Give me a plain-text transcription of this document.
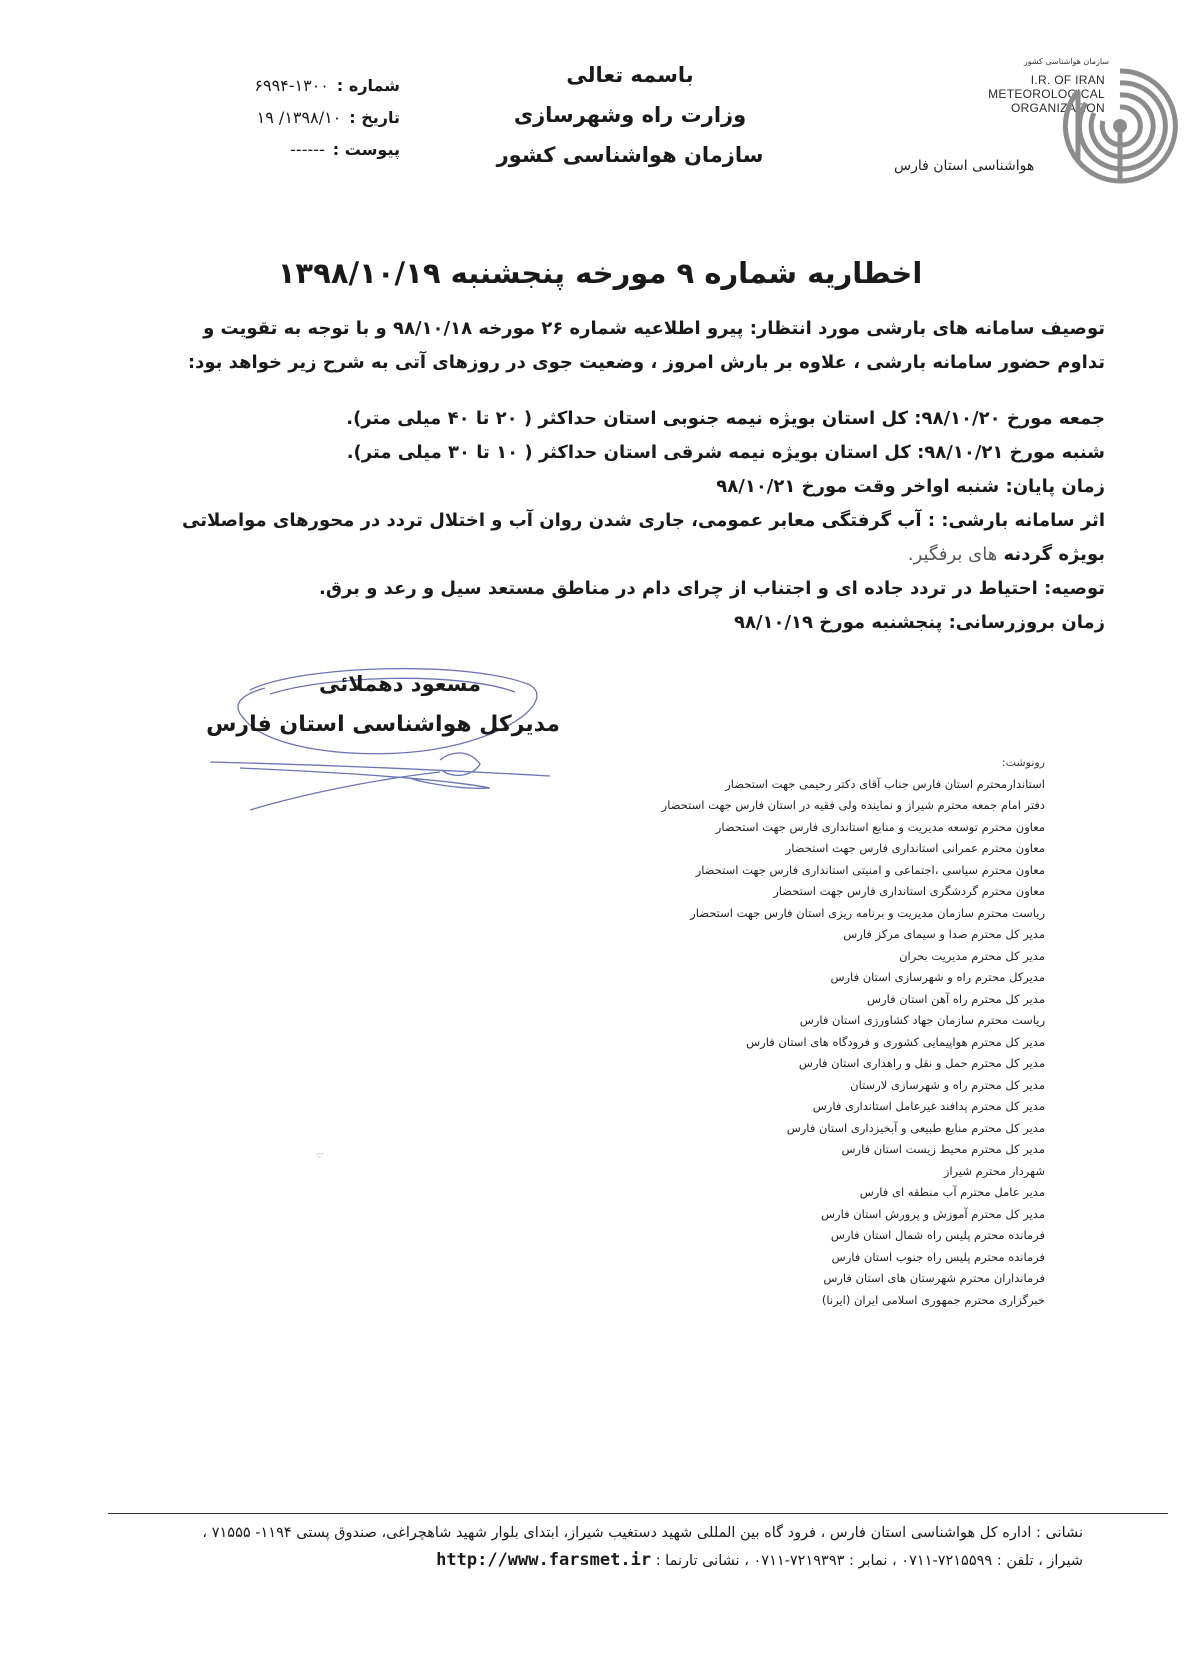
سازمان هواشناسی کشور
I.R. OF IRAN
METEOROLOGICAL
ORGANIZATION
هواشناسی استان فارس
باسمه تعالی
وزارت راه وشهرسازی
سازمان هواشناسی کشور
شماره :
۶۹۹۴-۱۳۰۰
تاریخ :
۱۳۹۸/۱۰/ ۱۹
پیوست :
------
اخطاریه شماره ۹ مورخه پنجشنبه ۱۳۹۸/۱۰/۱۹

توصیف سامانه های بارشی مورد انتظار: پیرو اطلاعیه شماره ۲۶ مورخه ۹۸/۱۰/۱۸ و با توجه به تقویت و تداوم حضور سامانه بارشی ، علاوه بر بارش امروز ، وضعیت جوی در روزهای آتی به شرح زیر خواهد بود:

جمعه مورخ ۹۸/۱۰/۲۰: کل استان بویژه نیمه جنوبی استان حداکثر ( ۲۰ تا ۴۰ میلی متر).

شنبه مورخ ۹۸/۱۰/۲۱: کل استان بویژه نیمه شرقی استان حداکثر ( ۱۰ تا ۳۰ میلی متر).

زمان پایان: شنبه اواخر وقت مورخ ۹۸/۱۰/۲۱

اثر سامانه بارشی: : آب گرفتگی معابر عمومی، جاری شدن روان آب و اختلال تردد در محورهای مواصلاتی بویژه گردنه های برفگیر.

توصیه: احتیاط در تردد جاده ای و اجتناب از چرای دام در مناطق مستعد سیل و رعد و برق.

زمان بروزرسانی: پنجشنبه مورخ ۹۸/۱۰/۱۹

مسعود دهملائی
مدیرکل هواشناسی استان فارس
رونوشت:
استاندارمحترم استان فارس جناب آقای دکتر رحیمی جهت استحضار
دفتر امام جمعه محترم شیراز و نماینده ولی فقیه در استان فارس جهت استحضار
معاون محترم توسعه مدیریت و منابع استانداری فارس جهت استحضار
معاون محترم عمرانی استانداری فارس جهت استحضار
معاون محترم سیاسی ،اجتماعی و امنیتی استانداری فارس جهت استحضار
معاون محترم گردشگری استانداری فارس جهت استحضار
ریاست محترم سازمان مدیریت و برنامه ریزی استان فارس جهت استحضار
مدیر کل محترم صدا و سیمای مرکز فارس
مدیر کل محترم مدیریت بحران
مدیرکل محترم راه و شهرسازی استان فارس
مدیر کل محترم راه آهن استان فارس
ریاست محترم سازمان جهاد کشاورزی استان فارس
مدیر کل محترم هواپیمایی کشوری و فرودگاه های استان فارس
مدیر کل محترم حمل و نقل و راهداری استان فارس
مدیر کل محترم راه و شهرسازی لارستان
مدیر کل محترم پدافند غیرعامل استانداری فارس
مدیر کل محترم منابع طبیعی و آبخیزداری استان فارس
مدیر کل محترم محیط زیست استان فارس
شهردار محترم شیراز
مدیر عامل محترم آب منطقه ای فارس
مدیر کل محترم آموزش و پرورش استان فارس
فرمانده محترم پلیس راه شمال استان فارس
فرمانده محترم پلیس راه جنوب استان فارس
فرمانداران محترم شهرستان های استان فارس
خبرگزاری محترم جمهوری اسلامی ایران (ایرنا)
·:·
نشانی : اداره کل هواشناسی استان فارس ، فرود گاه بین المللی شهید دستغیب شیراز، ابتدای بلوار شهید شاهچراغی، صندوق پستی ۱۱۹۴- ۷۱۵۵۵ ،
شیراز ، تلفن : ۷۲۱۵۵۹۹-۰۷۱۱ ، نمابر : ۷۲۱۹۳۹۳-۰۷۱۱ ، نشانی تارنما : http://www.farsmet.ir
